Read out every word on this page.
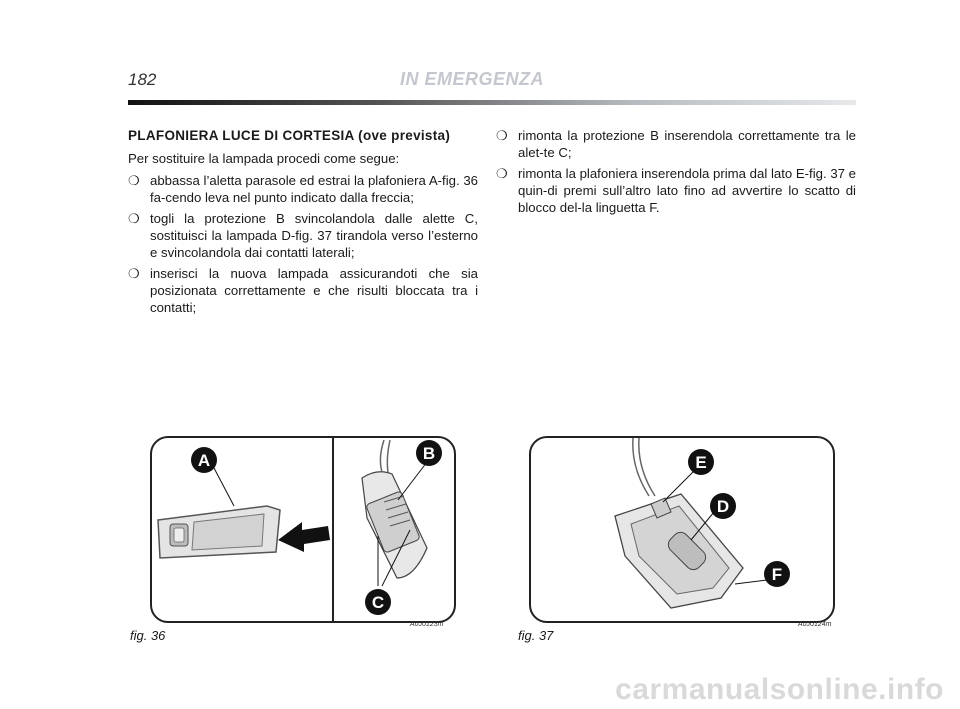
182	IN EMERGENZA
PLAFONIERA LUCE DI CORTESIA (ove prevista)
Per sostituire la lampada procedi come segue:
❍ abbassa l’aletta parasole ed estrai la plafoniera A-fig. 36 fa-cendo leva nel punto indicato dalla freccia;
❍ togli la protezione B svincolandola dalle alette C, sostituisci la lampada D-fig. 37 tirandola verso l’esterno e svincolandola dai contatti laterali;
❍ inserisci la nuova lampada assicurandoti che sia posizionata correttamente e che risulti bloccata tra i contatti;
❍ rimonta la protezione B inserendola correttamente tra le alet-te C;
❍ rimonta la plafoniera inserendola prima dal lato E-fig. 37 e quin-di premi sull’altro lato fino ad avvertire lo scatto di blocco del-la linguetta F.
A	B
C
fig. 36
A0J0123m
E
D
F
fig. 37
A0J0124m
carmanualsonline.info
